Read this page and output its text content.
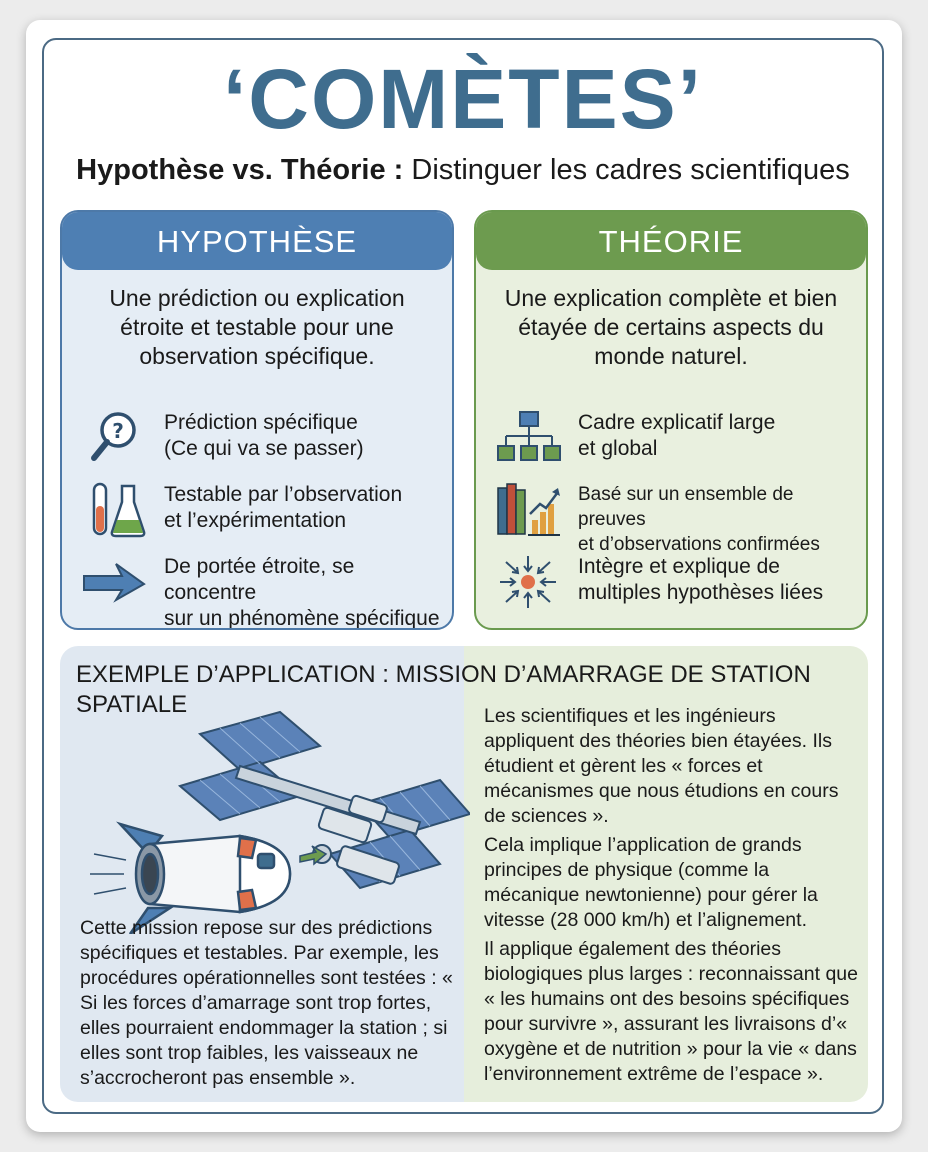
‘COMÈTES’
Hypothèse vs. Théorie : Distinguer les cadres scientifiques
HYPOTHÈSE
Une prédiction ou explication étroite et testable pour une observation spécifique.
? Prédiction spécifique
(Ce qui va se passer)
Testable par l’observation
et l’expérimentation
De portée étroite, se concentre
sur un phénomène spécifique
THÉORIE
Une explication complète et bien étayée de certains aspects du monde naturel.
Cadre explicatif large
et global
Basé sur un ensemble de preuves
et d’observations confirmées
Intègre et explique de
multiples hypothèses liées
EXEMPLE D’APPLICATION : MISSION D’AMARRAGE DE STATION SPATIALE
Cette mission repose sur des prédictions spécifiques et testables. Par exemple, les procédures opérationnelles sont testées : « Si les forces d’amarrage sont trop fortes, elles pourraient endommager la station ; si elles sont trop faibles, les vaisseaux ne s’accrocheront pas ensemble ».

Les scientifiques et les ingénieurs appliquent des théories bien étayées. Ils étudient et gèrent les « forces et mécanismes que nous étudions en cours de sciences ».

Cela implique l’application de grands principes de physique (comme la mécanique newtonienne) pour gérer la vitesse (28 000 km/h) et l’alignement.

Il applique également des théories biologiques plus larges : reconnaissant que « les humains ont des besoins spécifiques pour survivre », assurant les livraisons d’« oxygène et de nutrition » pour la vie « dans l’environnement extrême de l’espace ».
